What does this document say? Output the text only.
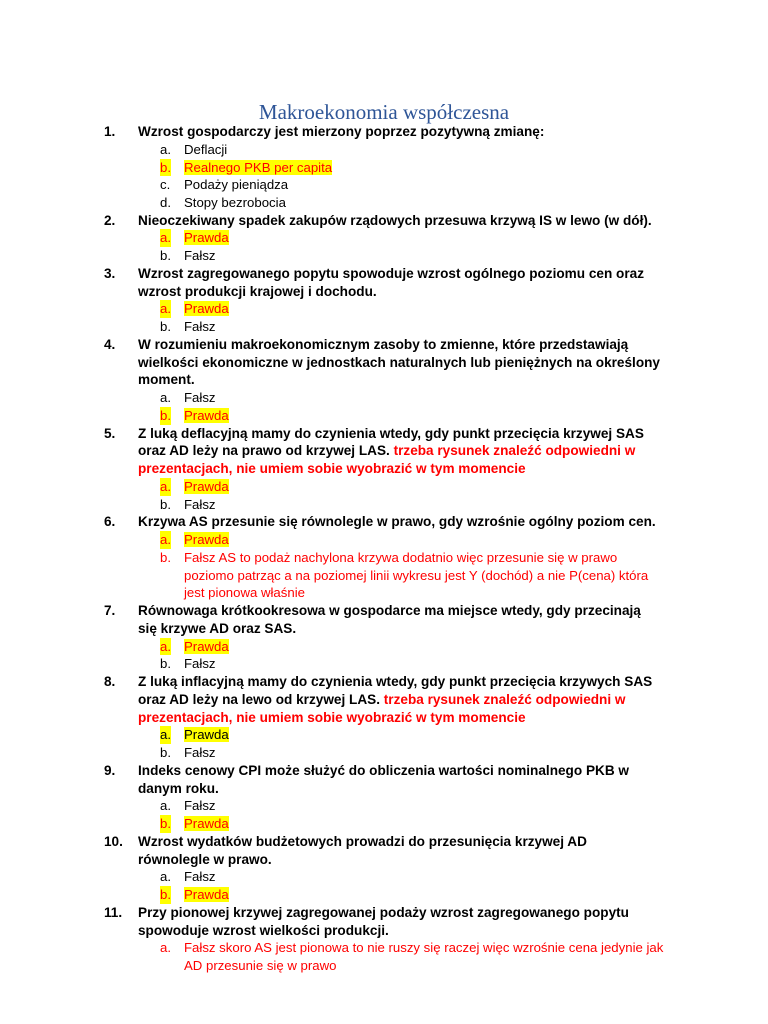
Makroekonomia współczesna
1.	Wzrost gospodarczy jest mierzony poprzez pozytywną zmianę:
a. Deflacji
b. Realnego PKB per capita
c. Podaży pieniądza
d. Stopy bezrobocia
2.	Nieoczekiwany spadek zakupów rządowych przesuwa krzywą IS w lewo (w dół).
a. Prawda
b. Fałsz
3.	Wzrost zagregowanego popytu spowoduje wzrost ogólnego poziomu cen oraz wzrost produkcji krajowej i dochodu.
a. Prawda
b. Fałsz
4.	W rozumieniu makroekonomicznym zasoby to zmienne, które przedstawiają wielkości ekonomiczne w jednostkach naturalnych lub pieniężnych na określony moment.
a. Fałsz
b. Prawda
5.	Z luką deflacyjną mamy do czynienia wtedy, gdy punkt przecięcia krzywej SAS oraz AD leży na prawo od krzywej LAS. trzeba rysunek znaleźć odpowiedni w prezentacjach, nie umiem sobie wyobrazić w tym momencie
a. Prawda
b. Fałsz
6.	Krzywa AS przesunie się równolegle w prawo, gdy wzrośnie ogólny poziom cen.
a. Prawda
b. Fałsz AS to podaż nachylona krzywa dodatnio więc przesunie się w prawo poziomo patrząc a na poziomej linii wykresu jest Y (dochód) a nie P(cena) która jest pionowa właśnie
7.	Równowaga krótkookresowa w gospodarce ma miejsce wtedy, gdy przecinają się krzywe AD oraz SAS.
a. Prawda
b. Fałsz
8.	Z luką inflacyjną mamy do czynienia wtedy, gdy punkt przecięcia krzywych SAS oraz AD leży na lewo od krzywej LAS. trzeba rysunek znaleźć odpowiedni w prezentacjach, nie umiem sobie wyobrazić w tym momencie
a. Prawda
b. Fałsz
9.	Indeks cenowy CPI może służyć do obliczenia wartości nominalnego PKB w danym roku.
a. Fałsz
b. Prawda
10.	Wzrost wydatków budżetowych prowadzi do przesunięcia krzywej AD równolegle w prawo.
a. Fałsz
b. Prawda
11.	Przy pionowej krzywej zagregowanej podaży wzrost zagregowanego popytu spowoduje wzrost wielkości produkcji.
a. Fałsz skoro AS jest pionowa to nie ruszy się raczej więc wzrośnie cena jedynie jak AD przesunie się w prawo
